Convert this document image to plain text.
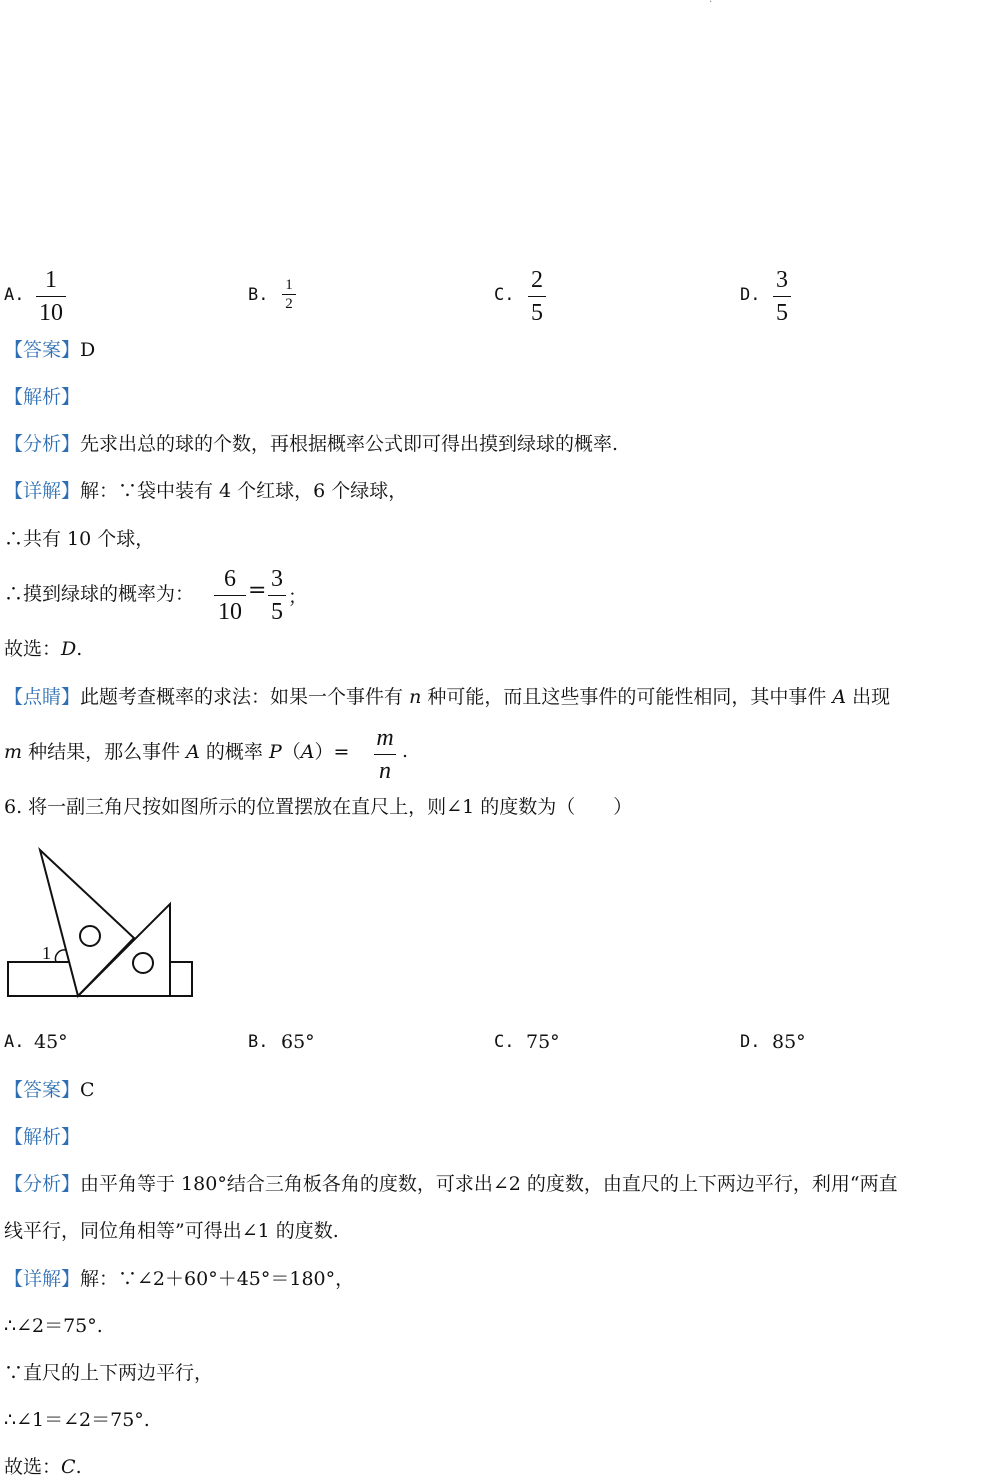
A.
1
10
B. 1
2	C.
2
5
D.
3
5
【答案】D
【解析】
【分析】先求出总的球的个数，再根据概率公式即可得出摸到绿球的概率.
【详解】解：∵袋中装有 4 个红球，6 个绿球，
∴共有 10 个球，
∴摸到绿球的概率为：
6
10
= 3
5
；
故选：D.
【点睛】此题考查概率的求法：如果一个事件有 n 种可能，而且这些事件的可能性相同，其中事件 A 出现
m 种结果，那么事件 A 的概率 P（A）=
m
n
.
6. 将一副三角尺按如图所示的位置摆放在直尺上，则∠1 的度数为（　　）
1
A. 45°	B. 65°	C. 75°	D. 85°
【答案】C
【解析】
【分析】由平角等于 180°结合三角板各角的度数，可求出∠2 的度数，由直尺的上下两边平行，利用“两直
线平行，同位角相等”可得出∠1 的度数.
【详解】解：∵∠2＋60°＋45°＝180°，
∴∠2＝75°.
∵直尺的上下两边平行，
∴∠1＝∠2＝75°.
故选：C.
